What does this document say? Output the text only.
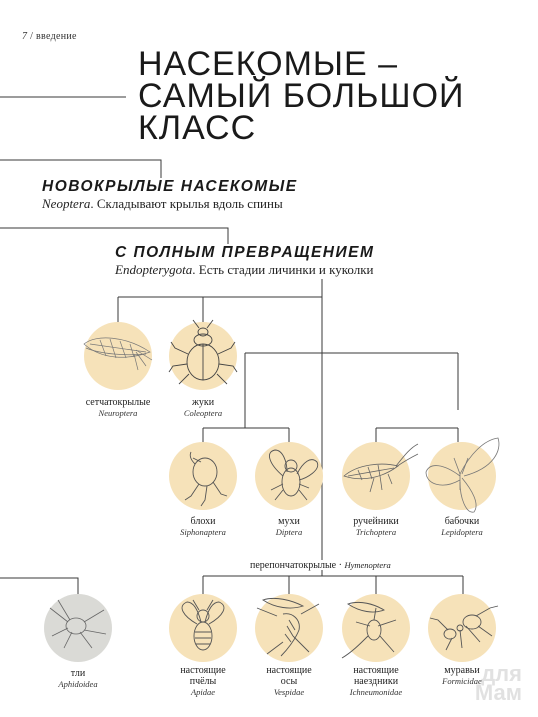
7 / введение
НАСЕКОМЫЕ –
САМЫЙ БОЛЬШОЙ
КЛАСС
НОВОКРЫЛЫЕ НАСЕКОМЫЕ
Neoptera. Складывают крылья вдоль спины
С ПОЛНЫМ ПРЕВРАЩЕНИЕМ
Endopterygota. Есть стадии личинки и куколки
сетчатокрылые
Neuroptera
жуки
Coleoptera
блохи
Siphonaptera
мухи
Diptera
ручейники
Trichoptera
бабочки
Lepidoptera
тли
Aphidoidea
настоящие
пчёлы
Apidae
настоящие
осы
Vespidae
настоящие
наездники
Ichneumonidae
муравьи
Formicidae
перепончатокрылые · Hymenoptera
для
Мам
